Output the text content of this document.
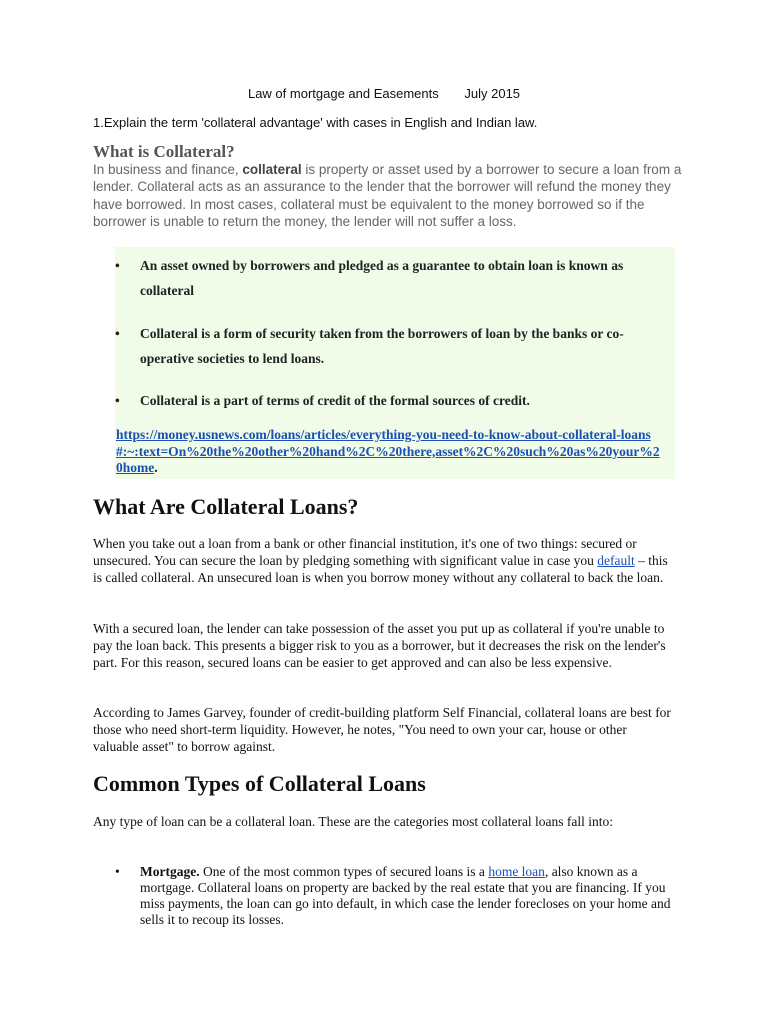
Law of mortgage and Easements July 2015
1.Explain the term 'collateral advantage' with cases in English and Indian law.
What is Collateral?
In business and finance, collateral is property or asset used by a borrower to secure a loan from a lender. Collateral acts as an assurance to the lender that the borrower will refund the money they have borrowed. In most cases, collateral must be equivalent to the money borrowed so if the borrower is unable to return the money, the lender will not suffer a loss.
• An asset owned by borrowers and pledged as a guarantee to obtain loan is known as collateral
• Collateral is a form of security taken from the borrowers of loan by the banks or co-operative societies to lend loans.
• Collateral is a part of terms of credit of the formal sources of credit.
https://money.usnews.com/loans/articles/everything-you-need-to-know-about-collateral-loans#:~:text=On%20the%20other%20hand%2C%20there,asset%2C%20such%20as%20your%20home.
What Are Collateral Loans?
When you take out a loan from a bank or other financial institution, it's one of two things: secured or unsecured. You can secure the loan by pledging something with significant value in case you default – this is called collateral. An unsecured loan is when you borrow money without any collateral to back the loan.
With a secured loan, the lender can take possession of the asset you put up as collateral if you're unable to pay the loan back. This presents a bigger risk to you as a borrower, but it decreases the risk on the lender's part. For this reason, secured loans can be easier to get approved and can also be less expensive.
According to James Garvey, founder of credit-building platform Self Financial, collateral loans are best for those who need short-term liquidity. However, he notes, "You need to own your car, house or other valuable asset" to borrow against.
Common Types of Collateral Loans
Any type of loan can be a collateral loan. These are the categories most collateral loans fall into:
• Mortgage. One of the most common types of secured loans is a home loan, also known as a mortgage. Collateral loans on property are backed by the real estate that you are financing. If you miss payments, the loan can go into default, in which case the lender forecloses on your home and sells it to recoup its losses.
